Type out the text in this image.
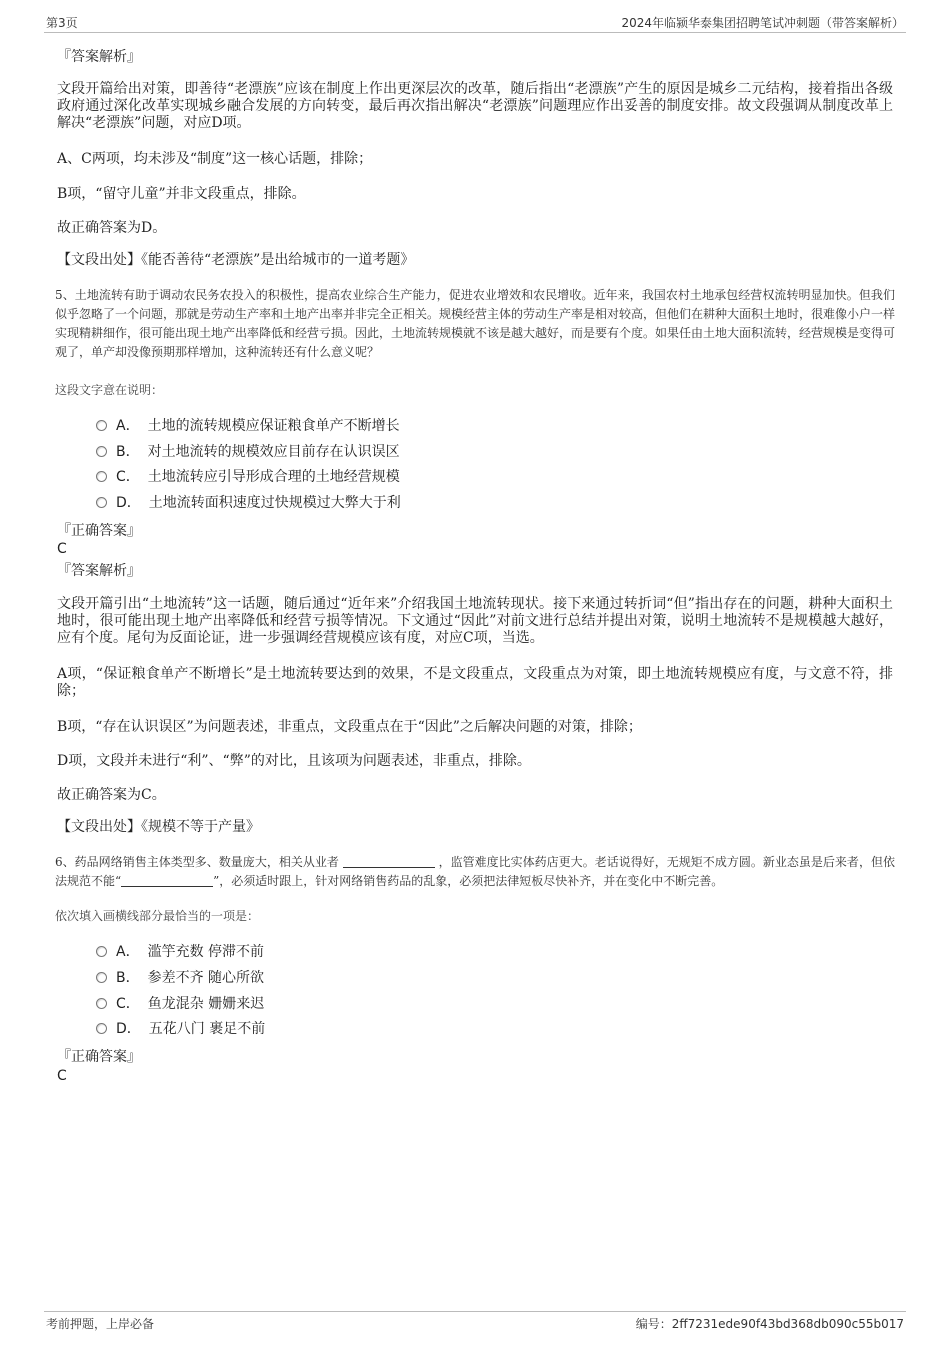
第3页	2024年临颍华泰集团招聘笔试冲刺题（带答案解析）
『答案解析』
文段开篇给出对策，即善待“老漂族”应该在制度上作出更深层次的改革，随后指出“老漂族”产生的原因是城乡二元结构，接着指出各级政府通过深化改革实现城乡融合发展的方向转变，最后再次指出解决“老漂族”问题理应作出妥善的制度安排。故文段强调从制度改革上解决“老漂族”问题，对应D项。
A、C两项，均未涉及“制度”这一核心话题，排除；
B项，“留守儿童”并非文段重点，排除。
故正确答案为D。
【文段出处】《能否善待“老漂族”是出给城市的一道考题》
5、土地流转有助于调动农民务农投入的积极性，提高农业综合生产能力，促进农业增效和农民增收。近年来，我国农村土地承包经营权流转明显加快。但我们似乎忽略了一个问题，那就是劳动生产率和土地产出率并非完全正相关。规模经营主体的劳动生产率是相对较高，但他们在耕种大面积土地时，很难像小户一样实现精耕细作，很可能出现土地产出率降低和经营亏损。因此，土地流转规模就不该是越大越好，而是要有个度。如果任由土地大面积流转，经营规模是变得可观了，单产却没像预期那样增加，这种流转还有什么意义呢？
这段文字意在说明：
A． 土地的流转规模应保证粮食单产不断增长
B． 对土地流转的规模效应目前存在认识误区
C． 土地流转应引导形成合理的土地经营规模
D． 土地流转面积速度过快规模过大弊大于利
『正确答案』
C
『答案解析』
文段开篇引出“土地流转”这一话题，随后通过“近年来”介绍我国土地流转现状。接下来通过转折词“但”指出存在的问题，耕种大面积土地时，很可能出现土地产出率降低和经营亏损等情况。下文通过“因此”对前文进行总结并提出对策，说明土地流转不是规模越大越好，应有个度。尾句为反面论证，进一步强调经营规模应该有度，对应C项，当选。
A项，“保证粮食单产不断增长”是土地流转要达到的效果，不是文段重点，文段重点为对策，即土地流转规模应有度，与文意不符，排除；
B项，“存在认识误区”为问题表述，非重点，文段重点在于“因此”之后解决问题的对策，排除；
D项，文段并未进行“利”、“弊”的对比，且该项为问题表述，非重点，排除。
故正确答案为C。
【文段出处】《规模不等于产量》
6、药品网络销售主体类型多、数量庞大，相关从业者	，监管难度比实体药店更大。老话说得好，无规矩不成方圆。新业态虽是后来者，但依法规范不能“	”，必须适时跟上，针对网络销售药品的乱象，必须把法律短板尽快补齐，并在变化中不断完善。
依次填入画横线部分最恰当的一项是：
A． 滥竽充数 停滞不前
B． 参差不齐 随心所欲
C． 鱼龙混杂 姗姗来迟
D． 五花八门 裹足不前
『正确答案』
C
考前押题，上岸必备	编号：2ff7231ede90f43bd368db090c55b017
